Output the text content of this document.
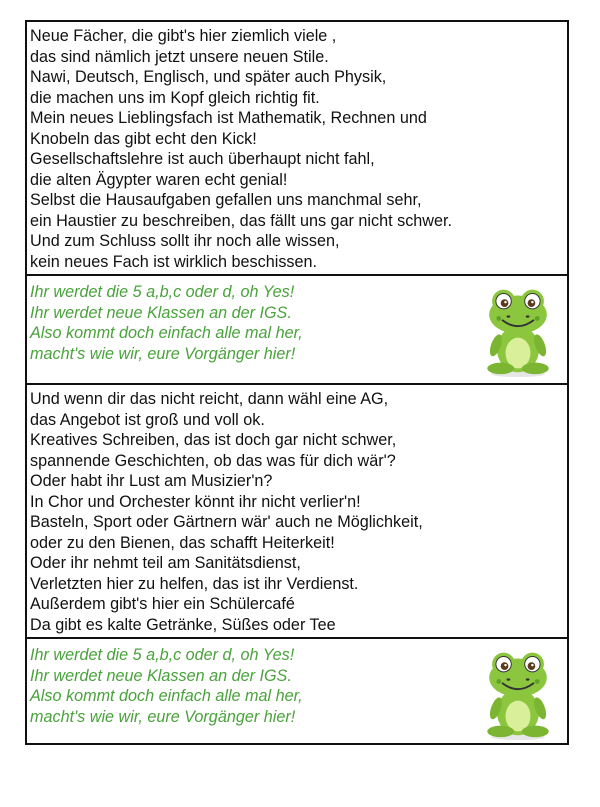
Neue Fächer, die gibt's hier ziemlich viele ,
das sind nämlich jetzt unsere neuen Stile.
Nawi, Deutsch, Englisch, und später auch Physik,
die machen uns im Kopf gleich richtig fit.
Mein neues Lieblingsfach ist Mathematik, Rechnen und
Knobeln das gibt echt den Kick!
Gesellschaftslehre ist auch überhaupt nicht fahl,
die alten Ägypter waren echt genial!
Selbst die Hausaufgaben gefallen uns manchmal sehr,
ein Haustier zu beschreiben, das fällt uns gar nicht schwer.
Und zum Schluss sollt ihr noch alle wissen,
kein neues Fach ist wirklich beschissen.
Ihr werdet die 5 a,b,c oder d, oh Yes!
Ihr werdet neue Klassen an der IGS.
Also kommt doch einfach alle mal her,
macht's wie wir, eure Vorgänger hier!
Und wenn dir das nicht reicht, dann wähl eine AG,
das Angebot ist groß und voll ok.
Kreatives Schreiben, das ist doch gar nicht schwer,
spannende Geschichten, ob das was für dich wär'?
Oder habt ihr Lust am Musizier'n?
In Chor und Orchester könnt ihr nicht verlier'n!
Basteln, Sport oder Gärtnern wär' auch ne Möglichkeit,
oder zu den Bienen, das schafft Heiterkeit!
Oder ihr nehmt teil am Sanitätsdienst,
Verletzten hier zu helfen, das ist ihr Verdienst.
Außerdem gibt's hier ein Schülercafé
Da gibt es kalte Getränke, Süßes oder Tee
Ihr werdet die 5 a,b,c oder d, oh Yes!
Ihr werdet neue Klassen an der IGS.
Also kommt doch einfach alle mal her,
macht's wie wir, eure Vorgänger hier!
